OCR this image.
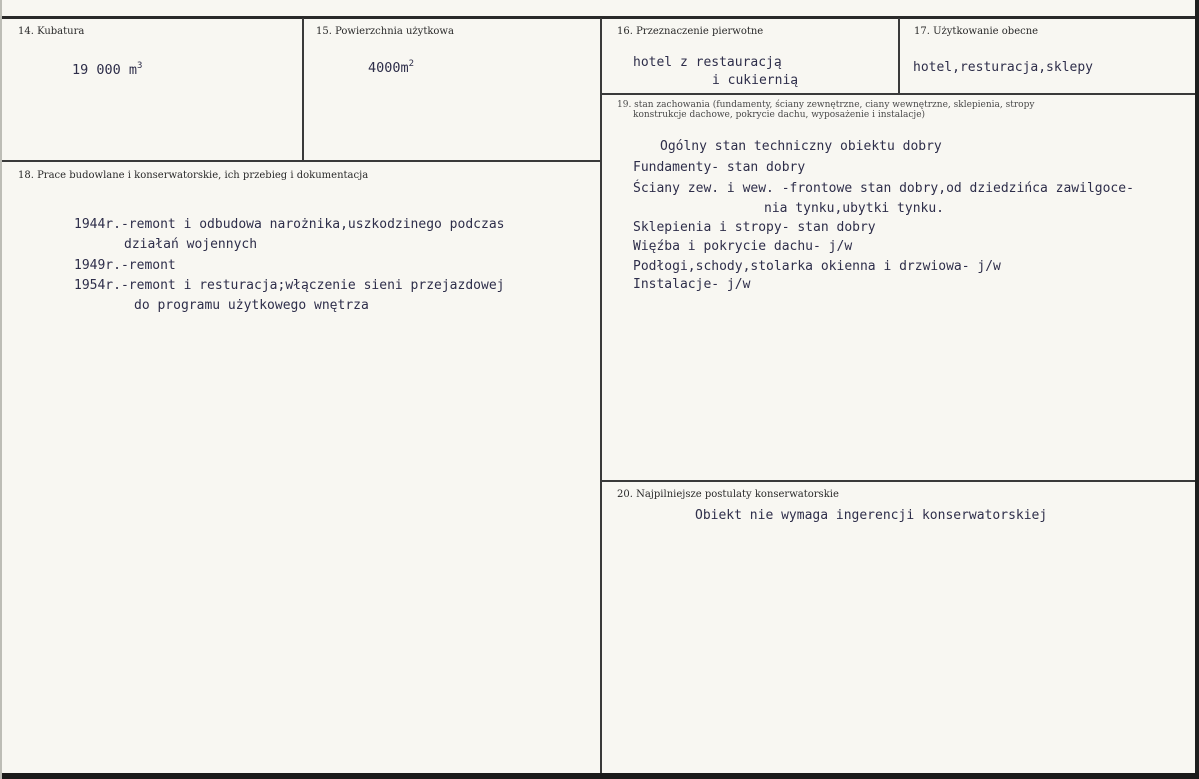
14. Kubatura
19 000 $m^3$
15. Powierzchnia użytkowa
$4000m^2$
16. Przeznaczenie pierwotne
hotel z restauracją
i cukiernią
17. Użytkowanie obecne
hotel,resturacja,sklepy
18. Prace budowlane i konserwatorskie, ich przebieg i dokumentacja
1944r.-remont i odbudowa narożnika,uszkodzinego podczas
działań wojennych
1949r.-remont
1954r.-remont i resturacja;włączenie sieni przejazdowej
do programu użytkowego wnętrza
19. stan zachowania (fundamenty, ściany zewnętrzne, ciany wewnętrzne, sklepienia, stropy
konstrukcje dachowe, pokrycie dachu, wyposażenie i instalacje)
Ogólny stan techniczny obiektu dobry
Fundamenty- stan dobry
Ściany zew. i wew. -frontowe stan dobry,od dziedzińca zawilgoce-
nia tynku,ubytki tynku.
Sklepienia i stropy- stan dobry
Więźba i pokrycie dachu- j/w
Podłogi,schody,stolarka okienna i drzwiowa- j/w
Instalacje- j/w
20. Najpilniejsze postulaty konserwatorskie
Obiekt nie wymaga ingerencji konserwatorskiej
